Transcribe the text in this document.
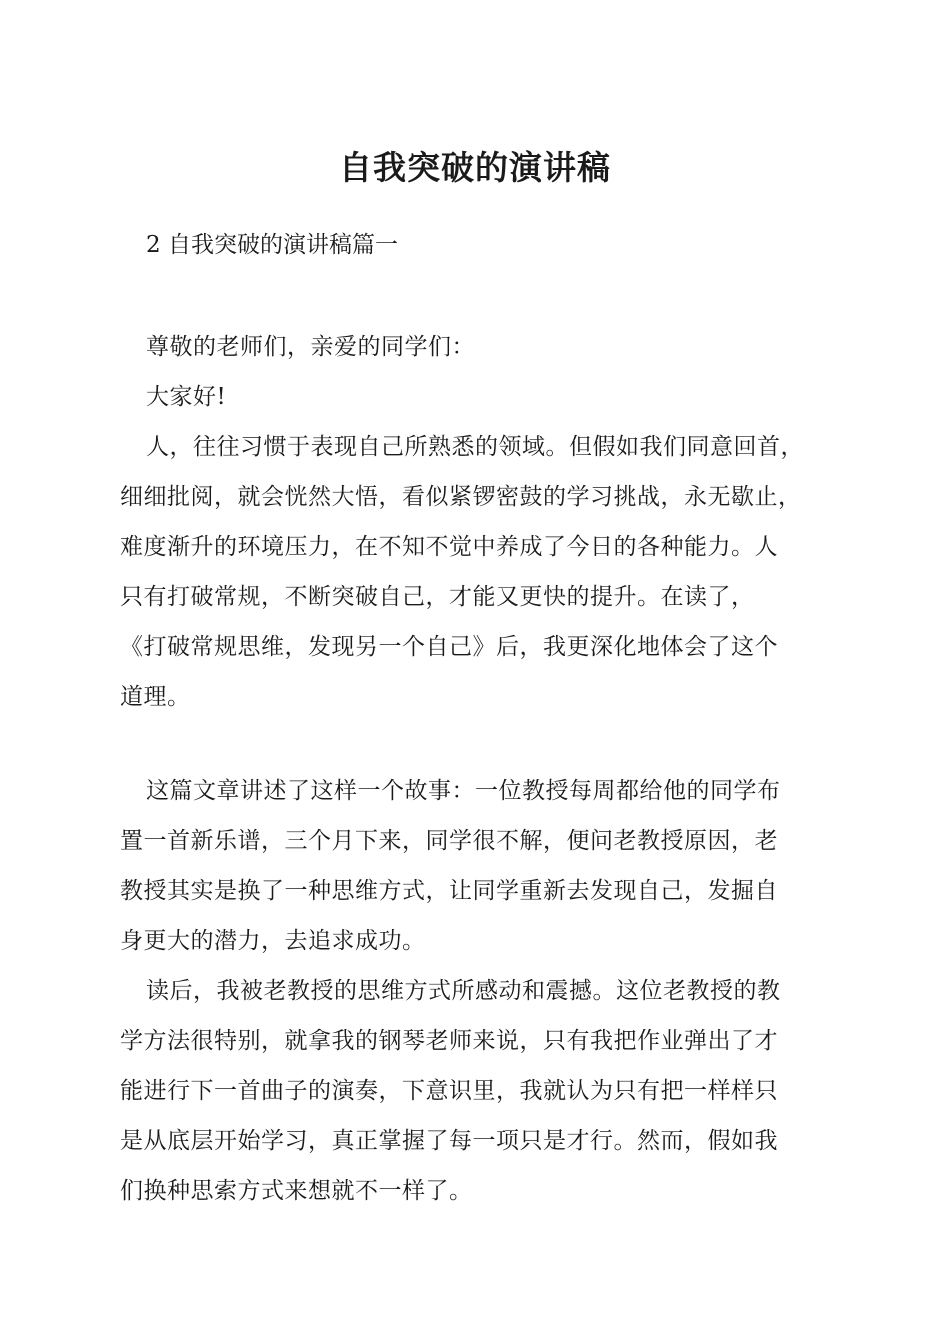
自我突破的演讲稿
2 自我突破的演讲稿篇一
尊敬的老师们，亲爱的同学们：
大家好!
人，往往习惯于表现自己所熟悉的领域。但假如我们同意回首，
细细批阅，就会恍然大悟，看似紧锣密鼓的学习挑战，永无歇止，
难度渐升的环境压力，在不知不觉中养成了今日的各种能力。人
只有打破常规，不断突破自己，才能又更快的提升。在读了，
《打破常规思维，发现另一个自己》后，我更深化地体会了这个
道理。
这篇文章讲述了这样一个故事：一位教授每周都给他的同学布
置一首新乐谱，三个月下来，同学很不解，便问老教授原因，老
教授其实是换了一种思维方式，让同学重新去发现自己，发掘自
身更大的潜力，去追求成功。
读后，我被老教授的思维方式所感动和震撼。这位老教授的教
学方法很特别，就拿我的钢琴老师来说，只有我把作业弹出了才
能进行下一首曲子的演奏，下意识里，我就认为只有把一样样只
是从底层开始学习，真正掌握了每一项只是才行。然而，假如我
们换种思索方式来想就不一样了。
